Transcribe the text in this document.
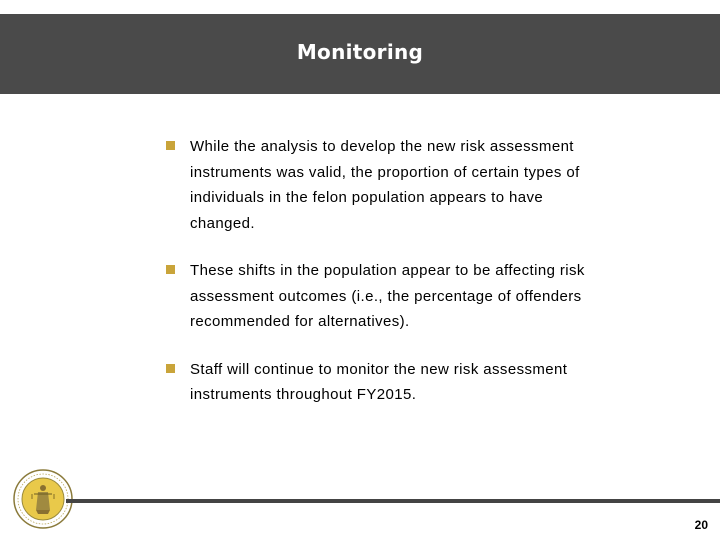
Monitoring
While the analysis to develop the new risk assessment instruments was valid, the proportion of certain types of individuals in the felon population appears to have changed.
These shifts in the population appear to be affecting risk assessment outcomes (i.e., the percentage of offenders recommended for alternatives).
Staff will continue to monitor the new risk assessment instruments throughout FY2015.
20
